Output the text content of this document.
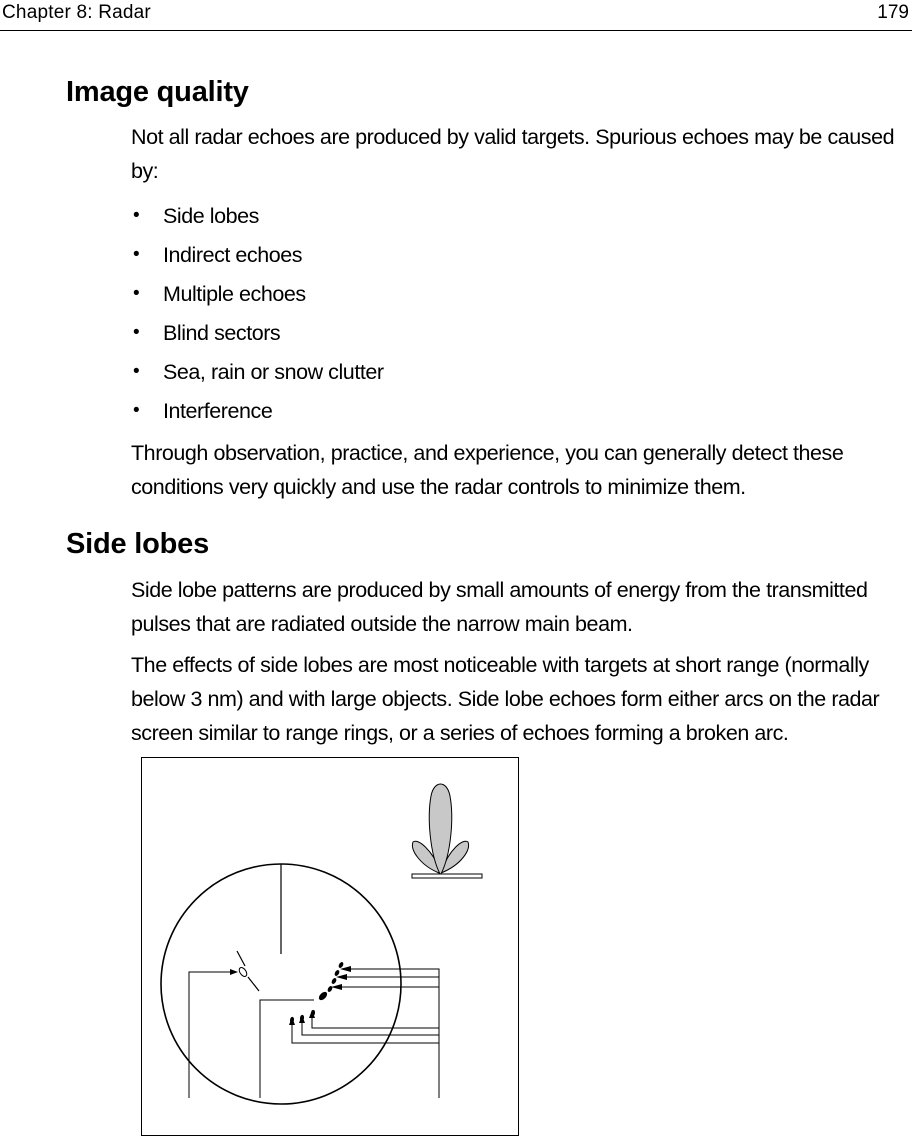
Chapter 8: Radar	179
Image quality

Not all radar echoes are produced by valid targets. Spurious echoes may be caused
by:

• Side lobes
• Indirect echoes
• Multiple echoes
• Blind sectors
• Sea, rain or snow clutter
• Interference

Through observation, practice, and experience, you can generally detect these
conditions very quickly and use the radar controls to minimize them.

Side lobes

Side lobe patterns are produced by small amounts of energy from the transmitted
pulses that are radiated outside the narrow main beam.

The effects of side lobes are most noticeable with targets at short range (normally
below 3 nm) and with large objects. Side lobe echoes form either arcs on the radar
screen similar to range rings, or a series of echoes forming a broken arc.
